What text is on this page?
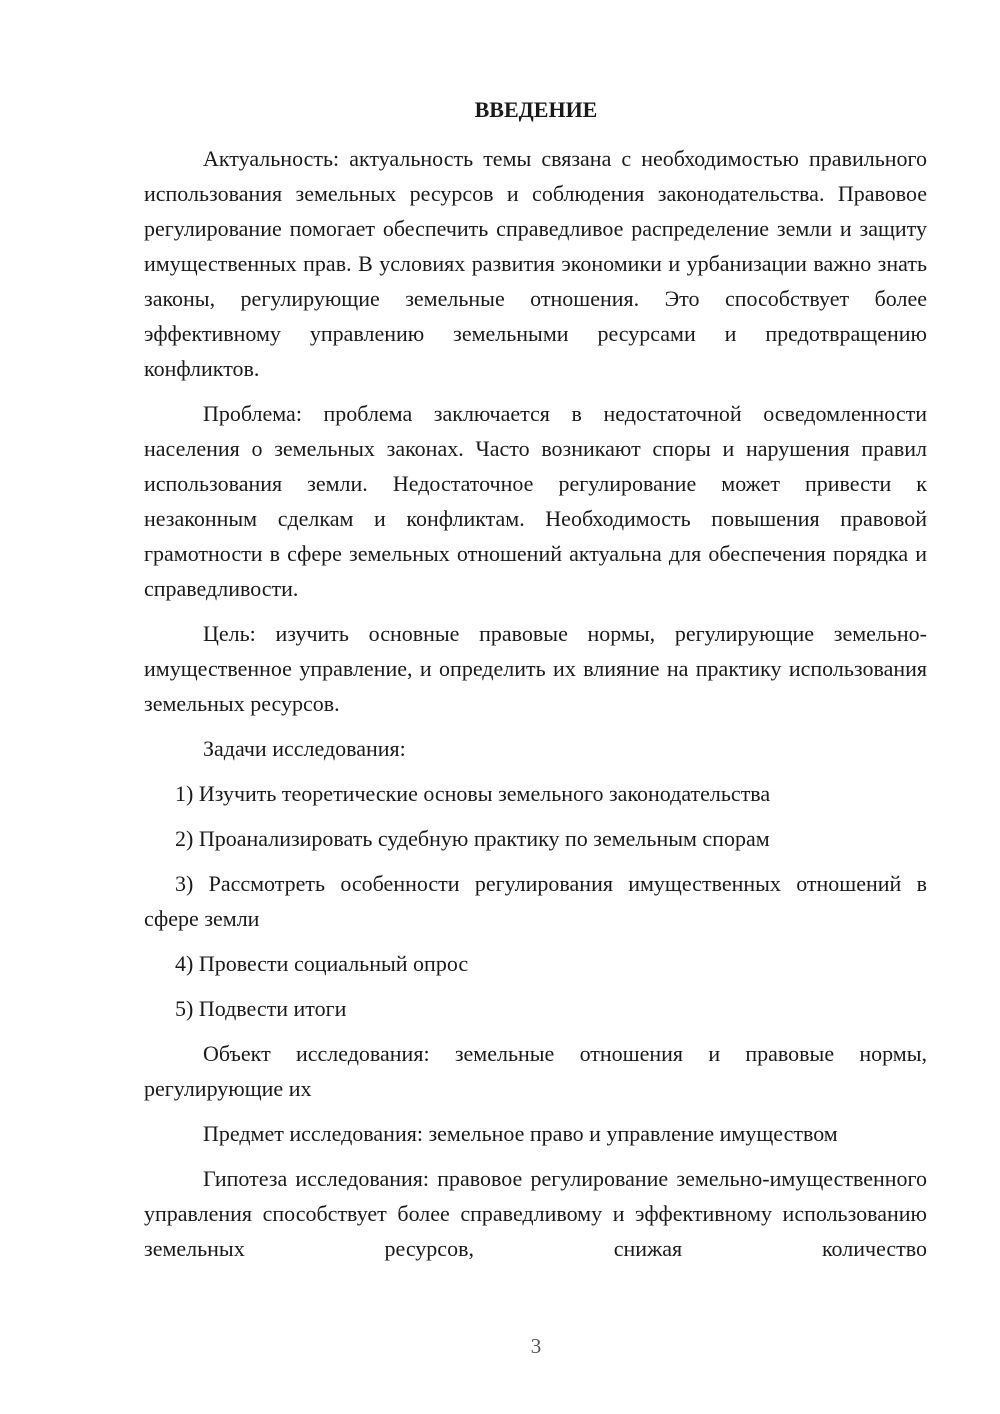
ВВЕДЕНИЕ

Актуальность: актуальность темы связана с необходимостью правильного использования земельных ресурсов и соблюдения законодательства. Правовое регулирование помогает обеспечить справедливое распределение земли и защиту имущественных прав. В условиях развития экономики и урбанизации важно знать законы, регулирующие земельные отношения. Это способствует более эффективному управлению земельными ресурсами и предотвращению конфликтов.

Проблема: проблема заключается в недостаточной осведомленности населения о земельных законах. Часто возникают споры и нарушения правил использования земли. Недостаточное регулирование может привести к незаконным сделкам и конфликтам. Необходимость повышения правовой грамотности в сфере земельных отношений актуальна для обеспечения порядка и справедливости.

Цель: изучить основные правовые нормы, регулирующие земельно-имущественное управление, и определить их влияние на практику использования земельных ресурсов.

Задачи исследования:

1) Изучить теоретические основы земельного законодательства

2) Проанализировать судебную практику по земельным спорам

3) Рассмотреть особенности регулирования имущественных отношений в сфере земли

4) Провести социальный опрос

5) Подвести итоги

Объект исследования: земельные отношения и правовые нормы, регулирующие их

Предмет исследования: земельное право и управление имуществом

Гипотеза исследования: правовое регулирование земельно-имущественного управления способствует более справедливому и эффективному использованию земельных ресурсов, снижая количество

3
